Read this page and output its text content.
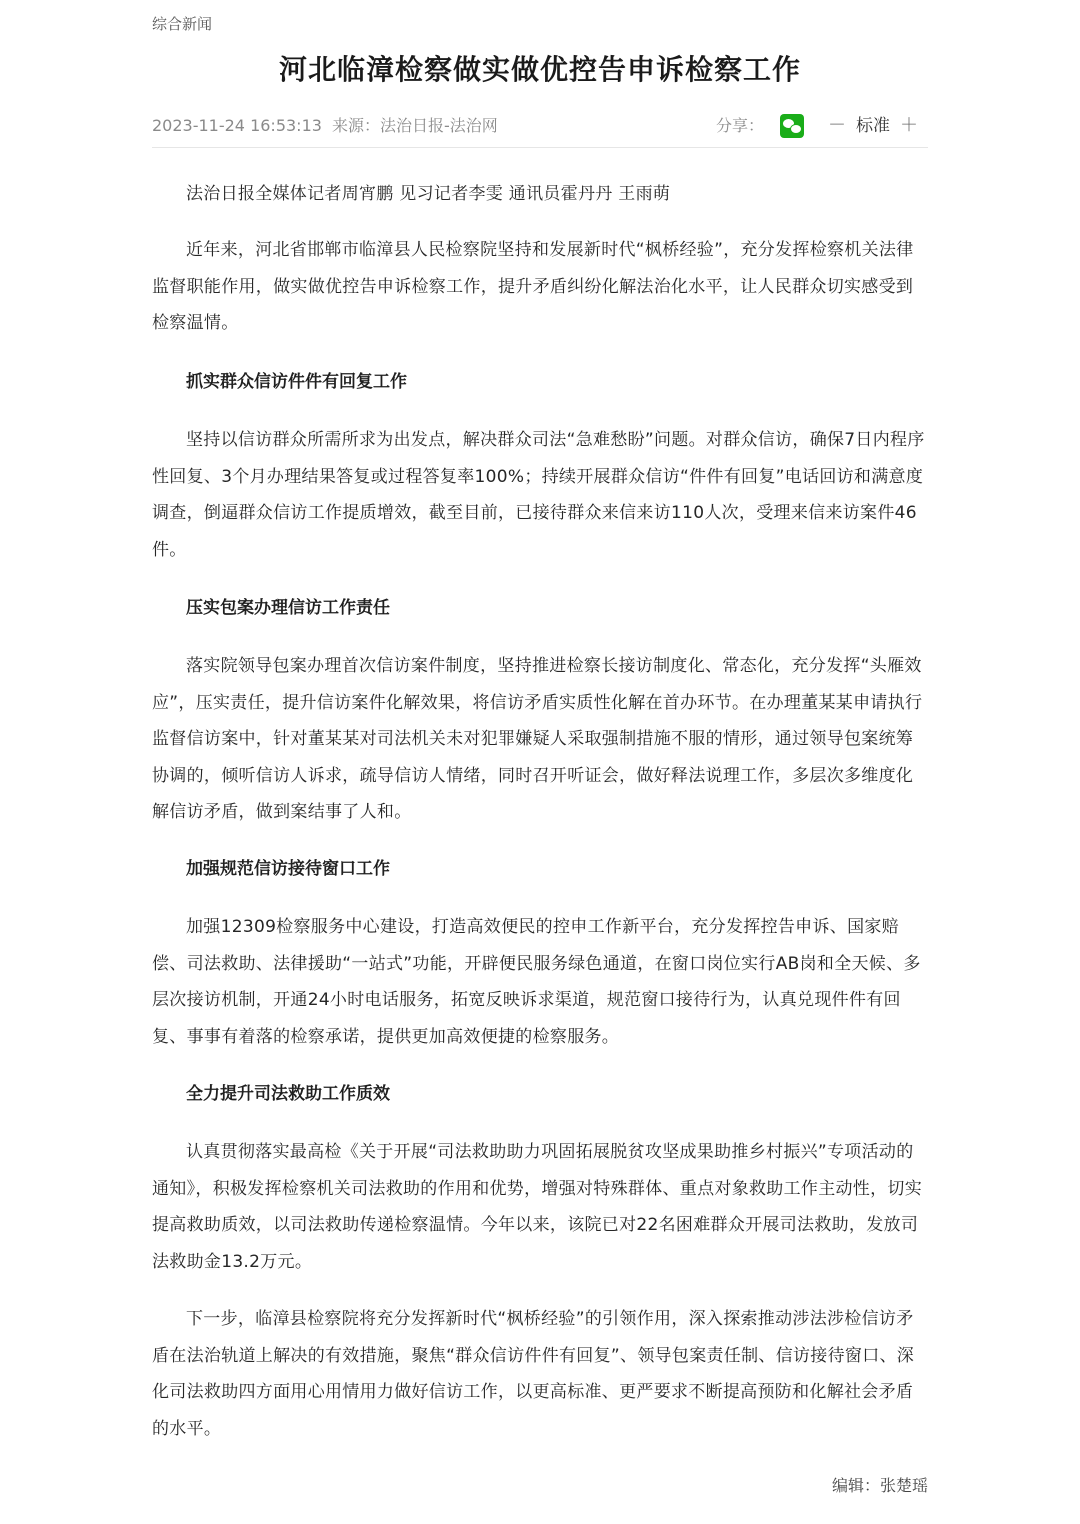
综合新闻
河北临漳检察做实做优控告申诉检察工作
2023-11-24 16:53:13 来源：法治日报-法治网	分享：	－ 标准 ＋

法治日报全媒体记者周宵鹏 见习记者李雯 通讯员霍丹丹 王雨萌

近年来，河北省邯郸市临漳县人民检察院坚持和发展新时代“枫桥经验”，充分发挥检察机关法律监督职能作用，做实做优控告申诉检察工作，提升矛盾纠纷化解法治化水平，让人民群众切实感受到检察温情。

抓实群众信访件件有回复工作

坚持以信访群众所需所求为出发点，解决群众司法“急难愁盼”问题。对群众信访，确保7日内程序性回复、3个月办理结果答复或过程答复率100%；持续开展群众信访“件件有回复”电话回访和满意度调查，倒逼群众信访工作提质增效，截至目前，已接待群众来信来访110人次，受理来信来访案件46件。

压实包案办理信访工作责任

落实院领导包案办理首次信访案件制度，坚持推进检察长接访制度化、常态化，充分发挥“头雁效应”，压实责任，提升信访案件化解效果，将信访矛盾实质性化解在首办环节。在办理董某某申请执行监督信访案中，针对董某某对司法机关未对犯罪嫌疑人采取强制措施不服的情形，通过领导包案统筹协调的，倾听信访人诉求，疏导信访人情绪，同时召开听证会，做好释法说理工作，多层次多维度化解信访矛盾，做到案结事了人和。

加强规范信访接待窗口工作

加强12309检察服务中心建设，打造高效便民的控申工作新平台，充分发挥控告申诉、国家赔偿、司法救助、法律援助“一站式”功能，开辟便民服务绿色通道，在窗口岗位实行AB岗和全天候、多层次接访机制，开通24小时电话服务，拓宽反映诉求渠道，规范窗口接待行为，认真兑现件件有回复、事事有着落的检察承诺，提供更加高效便捷的检察服务。

全力提升司法救助工作质效

认真贯彻落实最高检《关于开展“司法救助助力巩固拓展脱贫攻坚成果助推乡村振兴”专项活动的通知》，积极发挥检察机关司法救助的作用和优势，增强对特殊群体、重点对象救助工作主动性，切实提高救助质效，以司法救助传递检察温情。今年以来，该院已对22名困难群众开展司法救助，发放司法救助金13.2万元。

下一步，临漳县检察院将充分发挥新时代“枫桥经验”的引领作用，深入探索推动涉法涉检信访矛盾在法治轨道上解决的有效措施，聚焦“群众信访件件有回复”、领导包案责任制、信访接待窗口、深化司法救助四方面用心用情用力做好信访工作，以更高标准、更严要求不断提高预防和化解社会矛盾的水平。

编辑：张楚瑶
